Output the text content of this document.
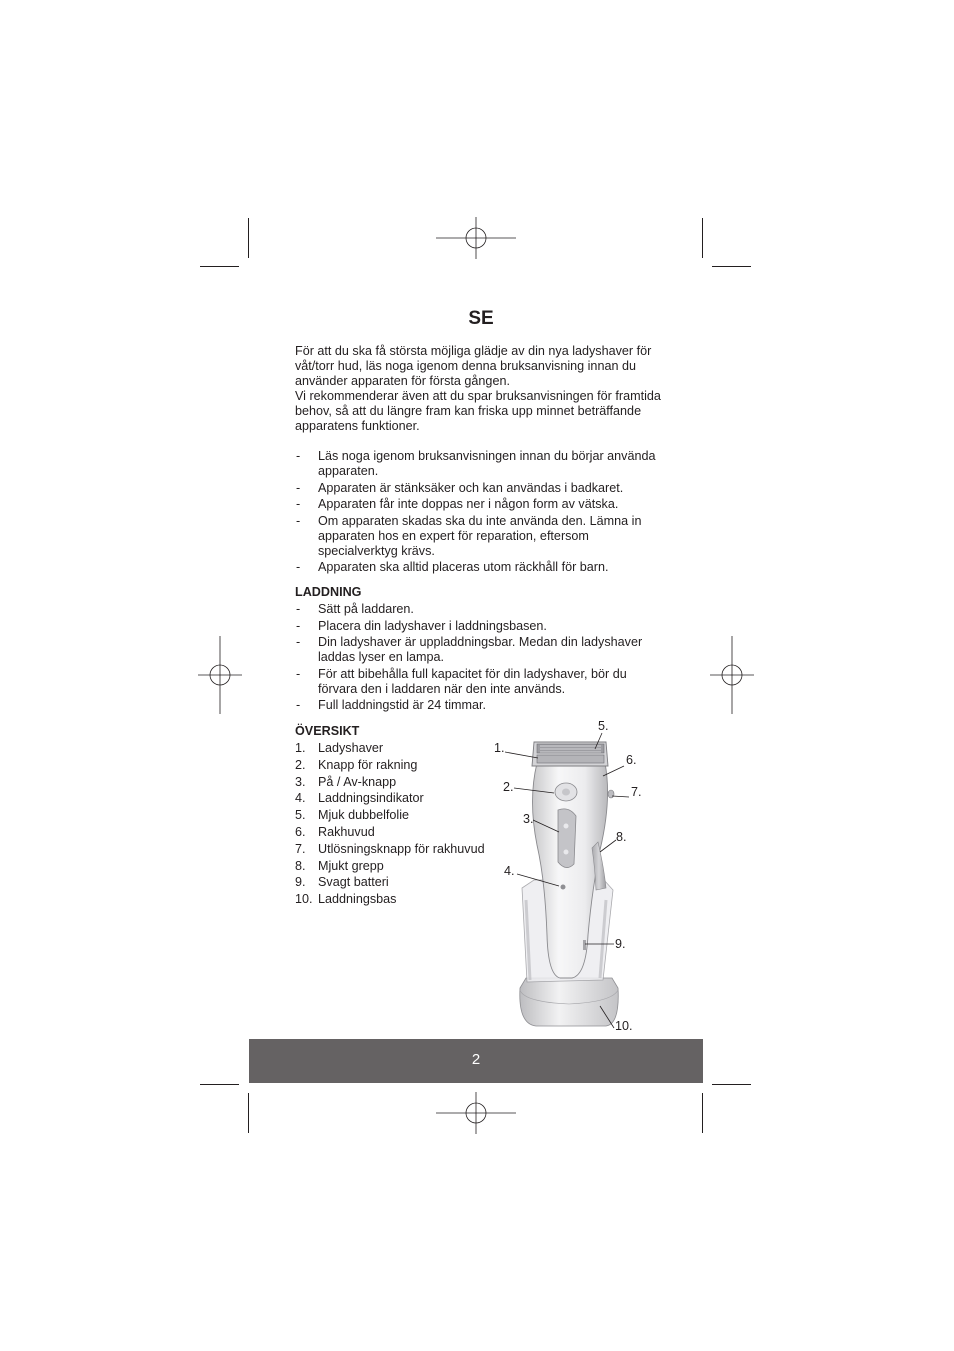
SE

För att du ska få största möjliga glädje av din nya ladyshaver för våt/torr hud, läs noga igenom denna bruksanvisning innan du använder apparaten för första gången.

Vi rekommenderar även att du spar bruksanvisningen för framtida behov, så att du längre fram kan friska upp minnet beträffande apparatens funktioner.

- Läs noga igenom bruksanvisningen innan du börjar använda apparaten.
- Apparaten är stänksäker och kan användas i badkaret.
- Apparaten får inte doppas ner i någon form av vätska.
- Om apparaten skadas ska du inte använda den. Lämna in apparaten hos en expert för reparation, eftersom specialverktyg krävs.
- Apparaten ska alltid placeras utom räckhåll för barn.
LADDNING
- Sätt på laddaren.
- Placera din ladyshaver i laddningsbasen.
- Din ladyshaver är uppladdningsbar. Medan din ladyshaver laddas lyser en lampa.
- För att bibehålla full kapacitet för din ladyshaver, bör du förvara den i laddaren när den inte används.
- Full laddningstid är 24 timmar.
ÖVERSIKT
1. Ladyshaver
2. Knapp för rakning
3. På / Av-knapp
4. Laddningsindikator
5. Mjuk dubbelfolie
6. Rakhuvud
7. Utlösningsknapp för rakhuvud
8. Mjukt grepp
9. Svagt batteri
10. Laddningsbas
1.
2.
3.
4.
5.
6.
7.
8.
9.
10.
2
